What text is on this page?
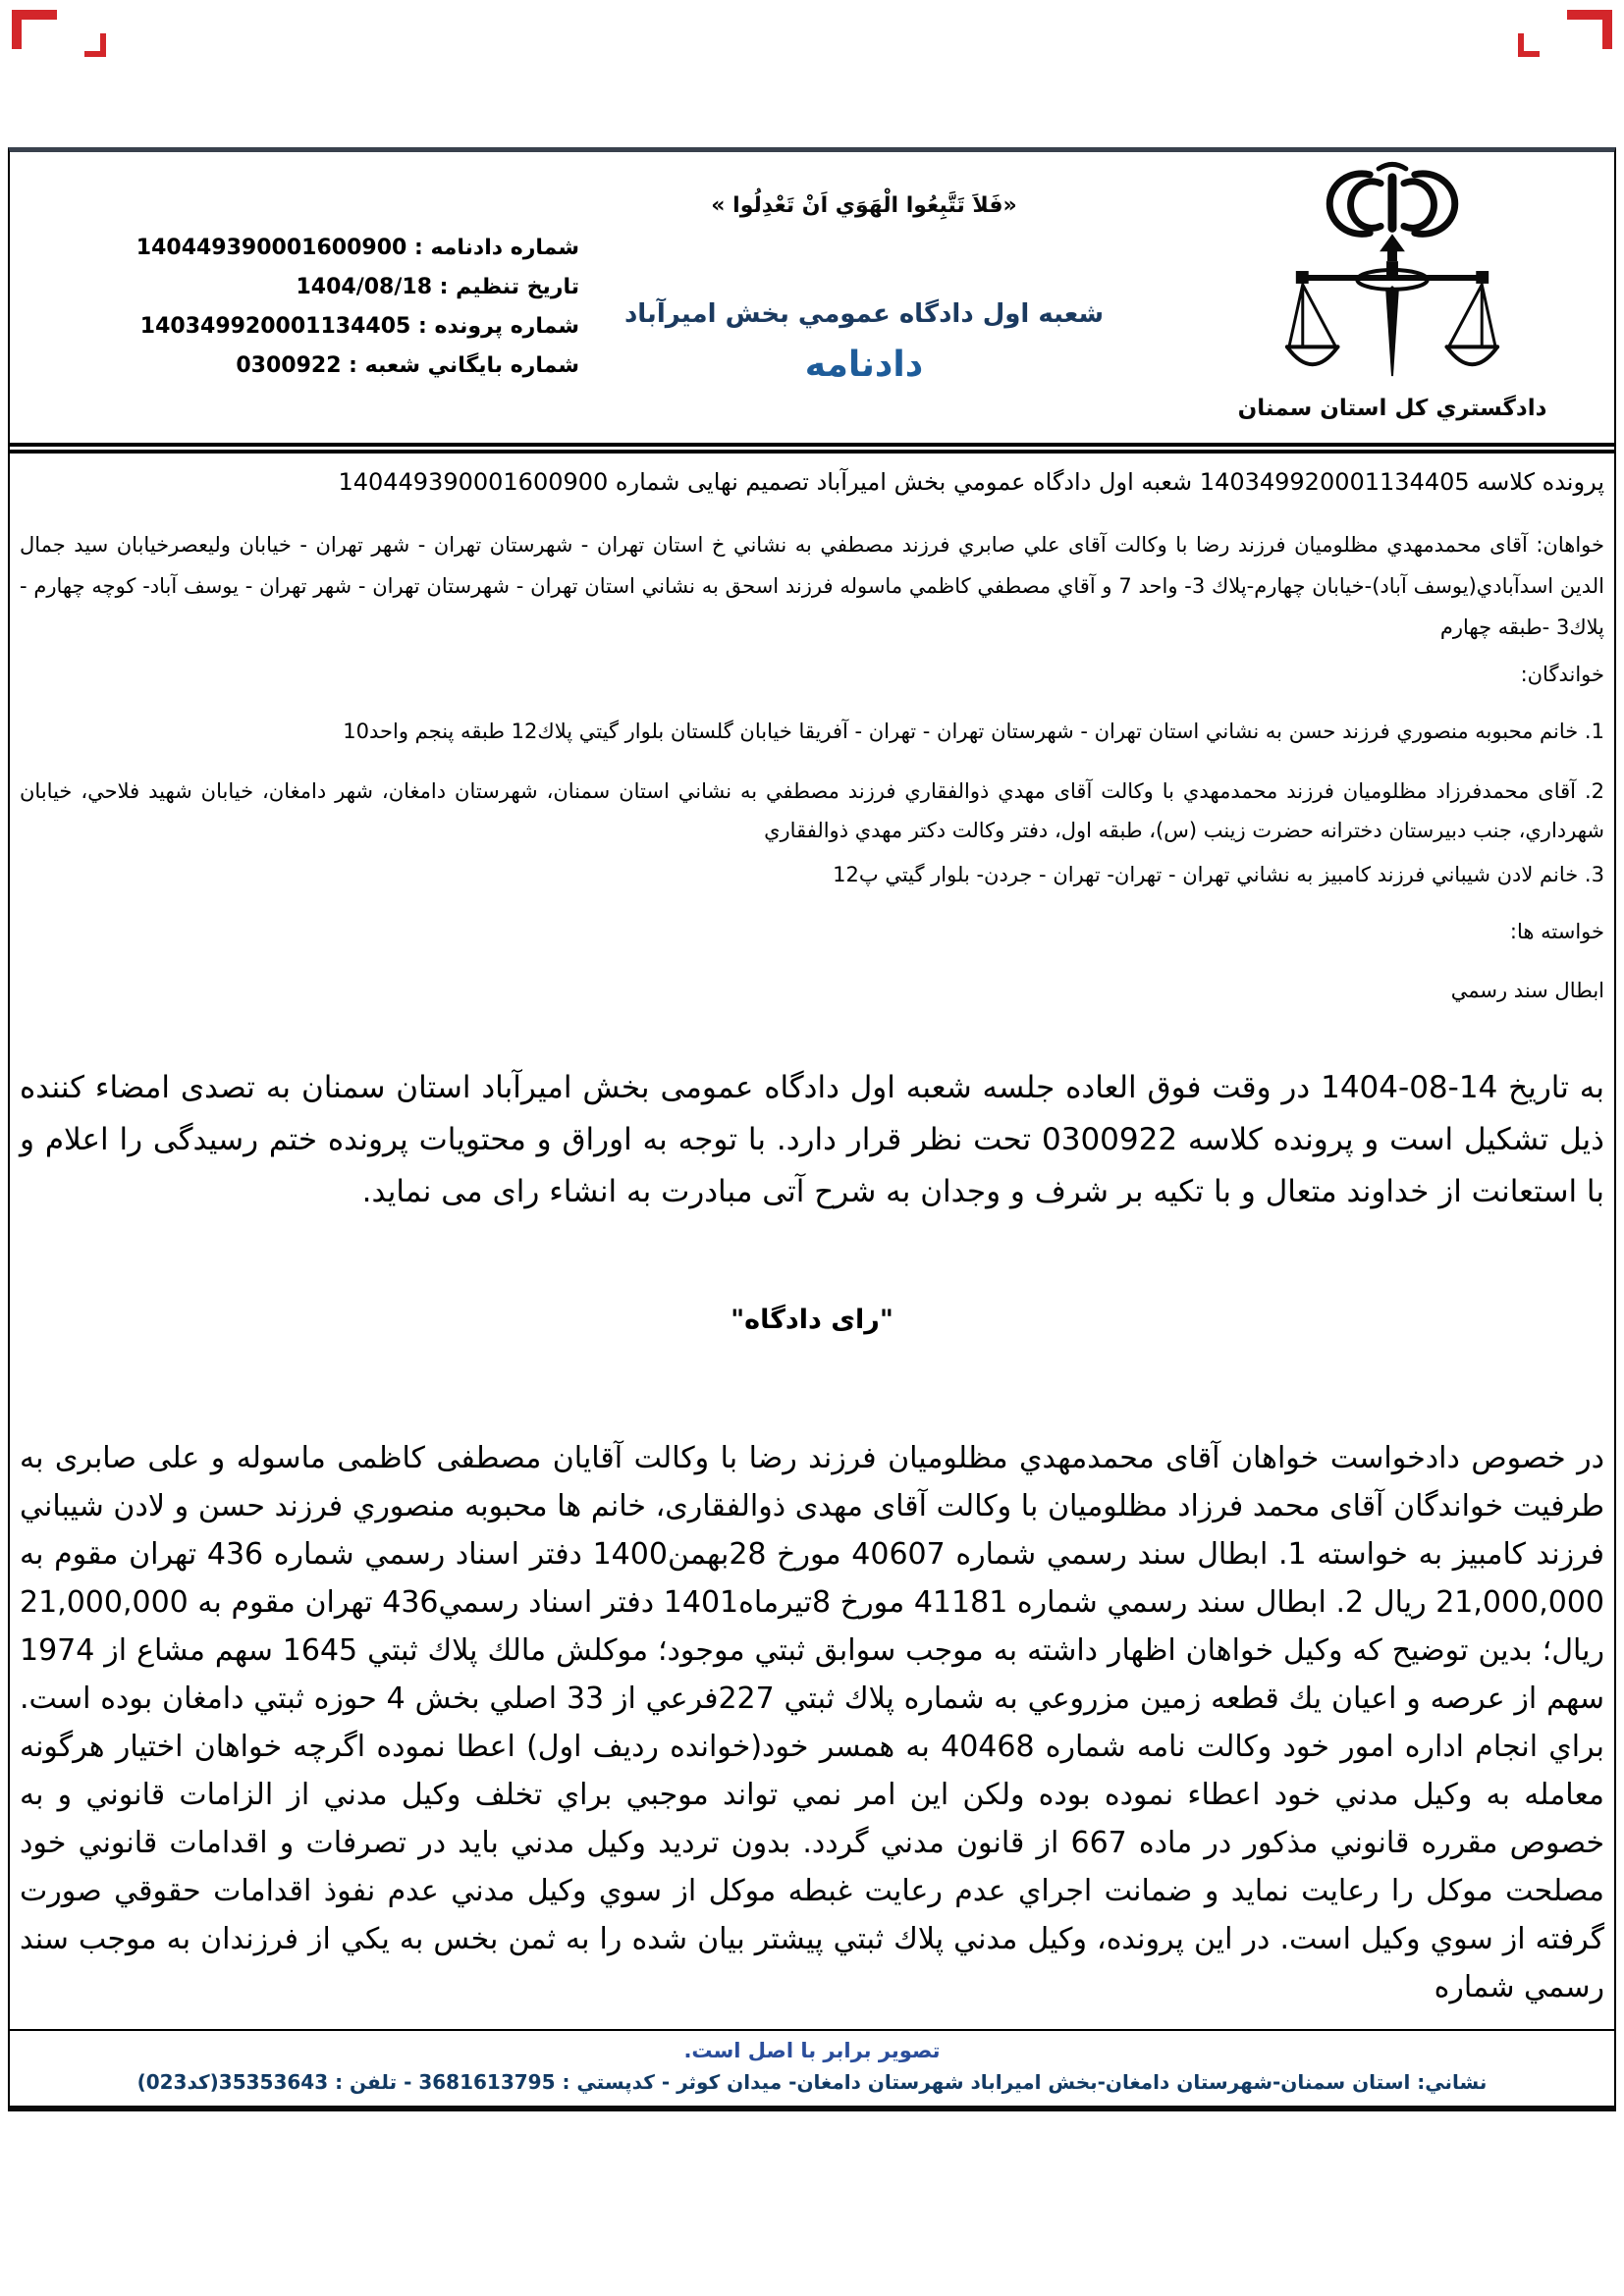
شماره دادنامه : 140449390001600900
تاريخ تنظيم : 1404/08/18
شماره پرونده : 140349920001134405
شماره بايگاني شعبه : 0300922
«فَلاَ تَتَّبِعُوا الْهَوَي اَنْ تَعْدِلُوا »
شعبه اول دادگاه عمومي بخش اميرآباد
دادنامه
دادگستري کل استان سمنان

پرونده کلاسه 140349920001134405 شعبه اول دادگاه عمومي بخش اميرآباد تصميم نهايی شماره 140449390001600900

خواهان: آقای محمدمهدي مظلومیان فرزند رضا با وکالت آقای علي صابري فرزند مصطفي به نشاني خ استان تهران - شهرستان تهران - شهر تهران - خيابان وليعصرخيابان سيد جمال الدين اسدآبادي(يوسف آباد)-خيابان چهارم-پلاك 3- واحد 7 و آقاي مصطفي كاظمي ماسوله فرزند اسحق به نشاني استان تهران - شهرستان تهران - شهر تهران - يوسف آباد- كوچه چهارم - پلاك3 -طبقه چهارم

خواندگان:

1. خانم محبوبه منصوري فرزند حسن به نشاني استان تهران - شهرستان تهران - تهران - آفريقا خيابان گلستان بلوار گيتي پلاك12 طبقه پنجم واحد10

2. آقای محمدفرزاد مظلومیان فرزند محمدمهدي با وکالت آقای مهدي ذوالفقاري فرزند مصطفي به نشاني استان سمنان، شهرستان دامغان، شهر دامغان، خيابان شهيد فلاحي، خيابان شهرداري، جنب دبيرستان دخترانه حضرت زينب (س)، طبقه اول، دفتر وکالت دکتر مهدي ذوالفقاري

3. خانم لادن شيباني فرزند کامبيز به نشاني تهران - تهران- تهران - جردن- بلوار گيتي پ12

خواسته ها:

ابطال سند رسمي

به تاریخ 14-08-1404 در وقت فوق العاده جلسه شعبه اول دادگاه عمومی بخش امیرآباد استان سمنان به تصدی امضاء کننده ذیل تشکیل است و پرونده کلاسه 0300922 تحت نظر قرار دارد. با توجه به اوراق و محتویات پرونده ختم رسیدگی را اعلام و با استعانت از خداوند متعال و با تکیه بر شرف و وجدان به شرح آتی مبادرت به انشاء رای می نماید.

"رای دادگاه"

در خصوص دادخواست خواهان آقای محمدمهدي مظلومیان فرزند رضا با وکالت آقایان مصطفی کاظمی ماسوله و علی صابری به طرفیت خواندگان آقای محمد فرزاد مظلومیان با وکالت آقای مهدی ذوالفقاری، خانم ها محبوبه منصوري فرزند حسن و لادن شیباني فرزند کامبیز به خواسته 1. ابطال سند رسمي شماره 40607 مورخ 28بهمن1400 دفتر اسناد رسمي شماره 436 تهران مقوم به 21,000,000 ریال 2. ابطال سند رسمي شماره 41181 مورخ 8تیرماه1401 دفتر اسناد رسمي436 تهران مقوم به 21,000,000 ریال؛ بدین توضیح که وکیل خواهان اظهار داشته به موجب سوابق ثبتي موجود؛ موکلش مالك پلاك ثبتي 1645 سهم مشاع از 1974 سهم از عرصه و اعیان یك قطعه زمین مزروعي به شماره پلاك ثبتي 227فرعي از 33 اصلي بخش 4 حوزه ثبتي دامغان بوده است. براي انجام اداره امور خود وکالت نامه شماره 40468 به همسر خود(خوانده ردیف اول) اعطا نموده اگرچه خواهان اختیار هرگونه معامله به وکیل مدني خود اعطاء نموده بوده ولکن این امر نمي تواند موجبي براي تخلف وکیل مدني از الزامات قانوني و به خصوص مقرره قانوني مذکور در ماده 667 از قانون مدني گردد. بدون تردید وکیل مدني باید در تصرفات و اقدامات قانوني خود مصلحت موکل را رعایت نماید و ضمانت اجراي عدم رعایت غبطه موکل از سوي وکیل مدني عدم نفوذ اقدامات حقوقي صورت گرفته از سوي وکیل است. در این پرونده، وکیل مدني پلاك ثبتي پیشتر بیان شده را به ثمن بخس به یکي از فرزندان به موجب سند رسمي شماره

تصویر برابر با اصل است.

نشاني: استان سمنان-شهرستان دامغان-بخش امیراباد شهرستان دامغان- میدان کوثر - کدپستي : 3681613795 - تلفن : 35353643(کد023)
